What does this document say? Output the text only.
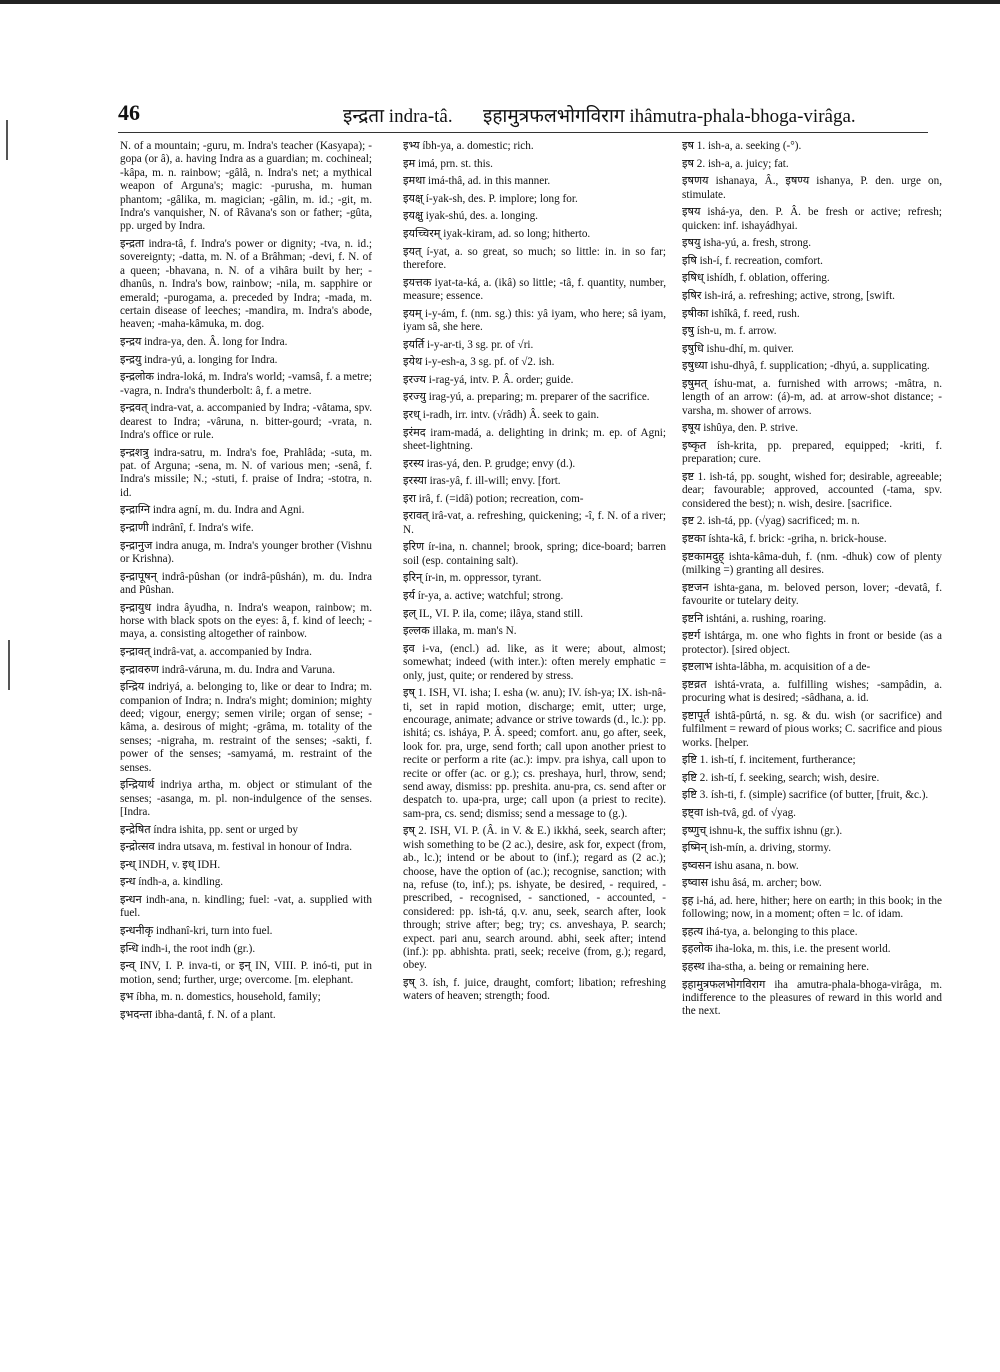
46	इन्द्रता indra-tâ. इहामुत्रफलभोगविराग ihâmutra-phala-bhoga-virâga.

N. of a mountain; -guru, m. Indra's teacher (Kasyapa); -gopa (or â), a. having Indra as a guardian; m. cochineal; -kâpa, m. n. rainbow; -gâlâ, n. Indra's net; a mythical weapon of Arguna's; magic: -purusha, m. human phantom; -gâlika, m. magician; -gâlin, m. id.; -git, m. Indra's vanquisher, N. of Râvana's son or father; -gûta, pp. urged by Indra.

इन्द्रता indra-tâ, f. Indra's power or dignity; -tva, n. id.; sovereignty; -datta, m. N. of a Brâhman; -devi, f. N. of a queen; -bhavana, n. N. of a vihâra built by her; -dhanûs, n. Indra's bow, rainbow; -nila, m. sapphire or emerald; -purogama, a. preceded by Indra; -mada, m. certain disease of leeches; -mandira, m. Indra's abode, heaven; -maha-kâmuka, m. dog.

इन्द्रय indra-ya, den. Â. long for Indra.

इन्द्रयु indra-yú, a. longing for Indra.

इन्द्रलोक indra-loká, m. Indra's world; -vamsâ, f. a metre; -vagra, n. Indra's thunderbolt: â, f. a metre.

इन्द्रवत् indra-vat, a. accompanied by Indra; -vâtama, spv. dearest to Indra; -vâruna, n. bitter-gourd; -vrata, n. Indra's office or rule.

इन्द्रशत्रु indra-satru, m. Indra's foe, Prahlâda; -suta, m. pat. of Arguna; -sena, m. N. of various men; -senâ, f. Indra's missile; N.; -stuti, f. praise of Indra; -stotra, n. id.

इन्द्राग्नि indra agní, m. du. Indra and Agni.

इन्द्राणी indrânî, f. Indra's wife.

इन्द्रानुज indra anuga, m. Indra's younger brother (Vishnu or Krishna).

इन्द्रापूषन् indrâ-pûshan (or indrâ-pûshán), m. du. Indra and Pûshan.

इन्द्रायुध indra âyudha, n. Indra's weapon, rainbow; m. horse with black spots on the eyes: â, f. kind of leech; -maya, a. consisting altogether of rainbow.

इन्द्रावत् indrâ-vat, a. accompanied by Indra.

इन्द्रावरुण indrâ-váruna, m. du. Indra and Varuna.

इन्द्रिय indriyá, a. belonging to, like or dear to Indra; m. companion of Indra; n. Indra's might; dominion; mighty deed; vigour, energy; semen virile; organ of sense; -kâma, a. desirous of might; -grâma, m. totality of the senses; -nigraha, m. restraint of the senses; -sakti, f. power of the senses; -samyamá, m. restraint of the senses.

इन्द्रियार्थ indriya artha, m. object or stimulant of the senses; -asanga, m. pl. non-indulgence of the senses. [Indra.

इन्द्रेषित índra ishita, pp. sent or urged by

इन्द्रोत्सव indra utsava, m. festival in honour of Indra.

इन्ध् INDH, v. इध् IDH.

इन्ध índh-a, a. kindling.

इन्धन indh-ana, n. kindling; fuel: -vat, a. supplied with fuel.

इन्धनीकृ indhanî-kri, turn into fuel.

इन्धि indh-i, the root indh (gr.).

इन्व् INV, I. P. inva-ti, or इन् IN, VIII. P. inó-ti, put in motion, send; further, urge; overcome. [m. elephant.

इभ íbha, m. n. domestics, household, family;

इभदन्ता ibha-dantâ, f. N. of a plant.

इभ्य íbh-ya, a. domestic; rich.

इम imá, prn. st. this.

इमथा imá-thâ, ad. in this manner.

इयक्ष् í-yak-sh, des. P. implore; long for.

इयक्षु iyak-shú, des. a. longing.

इयच्चिरम् iyak-kiram, ad. so long; hitherto.

इयत् í-yat, a. so great, so much; so little: in. in so far; therefore.

इयत्तक iyat-ta-ká, a. (ikâ) so little; -tâ, f. quantity, number, measure; essence.

इयम् i-y-ám, f. (nm. sg.) this: yâ iyam, who here; sâ iyam, iyam sâ, she here.

इयर्ति i-y-ar-ti, 3 sg. pr. of √ri.

इयेथ i-y-esh-a, 3 sg. pf. of √2. ish.

इरज्य i-rag-yá, intv. P. Â. order; guide.

इरज्यु irag-yú, a. preparing; m. preparer of the sacrifice.

इरध् i-radh, irr. intv. (√râdh) Â. seek to gain.

इरंमद iram-madá, a. delighting in drink; m. ep. of Agni; sheet-lightning.

इरस्य iras-yá, den. P. grudge; envy (d.).

इरस्या iras-yâ, f. ill-will; envy. [fort.

इरा irâ, f. (=idâ) potion; recreation, com-

इरावत् irâ-vat, a. refreshing, quickening; -î, f. N. of a river; N.

इरिण ír-ina, n. channel; brook, spring; dice-board; barren soil (esp. containing salt).

इरिन् ír-in, m. oppressor, tyrant.

इर्य ír-ya, a. active; watchful; strong.

इल् IL, VI. P. ila, come; ilâya, stand still.

इल्लक illaka, m. man's N.

इव i-va, (encl.) ad. like, as it were; about, almost; somewhat; indeed (with inter.): often merely emphatic = only, just, quite; or rendered by stress.

इष् 1. ISH, VI. isha; I. esha (w. anu); IV. ísh-ya; IX. ish-nâ-ti, set in rapid motion, discharge; emit, utter; urge, encourage, animate; advance or strive towards (d., lc.): pp. ishitá; cs. isháya, P. Â. speed; comfort. anu, go after, seek, look for. pra, urge, send forth; call upon another priest to recite or perform a rite (ac.): impv. pra ishya, call upon to recite or offer (ac. or g.); cs. preshaya, hurl, throw, send; send away, dismiss: pp. preshita. anu-pra, cs. send after or despatch to. upa-pra, urge; call upon (a priest to recite). sam-pra, cs. send; dismiss; send a message to (g.).

इष् 2. ISH, VI. P. (Â. in V. & E.) ikkhá, seek, search after; wish something to be (2 ac.), desire, ask for, expect (from, ab., lc.); intend or be about to (inf.); regard as (2 ac.); choose, have the option of (ac.); recognise, sanction; with na, refuse (to, inf.); ps. ishyate, be desired, - required, - prescribed, - recognised, - sanctioned, - accounted, - considered: pp. ish-tá, q.v. anu, seek, search after, look through; strive after; beg; try; cs. anveshaya, P. search; expect. pari anu, search around. abhi, seek after; intend (inf.): pp. abhishta. prati, seek; receive (from, g.); regard, obey.

इष् 3. ísh, f. juice, draught, comfort; libation; refreshing waters of heaven; strength; food.

इष 1. ish-a, a. seeking (-°).

इष 2. ish-a, a. juicy; fat.

इषणय ishanaya, Â., इषण्य ishanya, P. den. urge on, stimulate.

इषय ishá-ya, den. P. Â. be fresh or active; refresh; quicken: inf. ishayádhyai.

इषयु isha-yú, a. fresh, strong.

इषि ish-í, f. recreation, comfort.

इषिध् ishídh, f. oblation, offering.

इषिर ish-irá, a. refreshing; active, strong, [swift.

इषीका ishîkâ, f. reed, rush.

इषु ísh-u, m. f. arrow.

इषुधि ishu-dhí, m. quiver.

इषुध्या ishu-dhyâ, f. supplication; -dhyú, a. supplicating.

इषुमत् íshu-mat, a. furnished with arrows; -mâtra, n. length of an arrow: (á)-m, ad. at arrow-shot distance; -varsha, m. shower of arrows.

इषूय ishûya, den. P. strive.

इष्कृत ísh-krita, pp. prepared, equipped; -kriti, f. preparation; cure.

इष्ट 1. ish-tá, pp. sought, wished for; desirable, agreeable; dear; favourable; approved, accounted (-tama, spv. considered the best); n. wish, desire. [sacrifice.

इष्ट 2. ish-tá, pp. (√yag) sacrificed; m. n.

इष्टका íshta-kâ, f. brick: -griha, n. brick-house.

इष्टकामदुह् ishta-kâma-duh, f. (nm. -dhuk) cow of plenty (milking =) granting all desires.

इष्टजन ishta-gana, m. beloved person, lover; -devatâ, f. favourite or tutelary deity.

इष्टनि ishtáni, a. rushing, roaring.

इष्टर्ग ishtárga, m. one who fights in front or beside (as a protector). [sired object.

इष्टलाभ ishta-lâbha, m. acquisition of a de-

इष्टव्रत ishtá-vrata, a. fulfilling wishes; -sampâdin, a. procuring what is desired; -sâdhana, a. id.

इष्टापूर्त ishtâ-pûrtá, n. sg. & du. wish (or sacrifice) and fulfilment = reward of pious works; C. sacrifice and pious works. [helper.

इष्टि 1. ish-tí, f. incitement, furtherance;

इष्टि 2. ish-tí, f. seeking, search; wish, desire.

इष्टि 3. ísh-ti, f. (simple) sacrifice (of butter, [fruit, &c.).

इष्ट्वा ish-tvâ, gd. of √yag.

इष्णुच् ishnu-k, the suffix ishnu (gr.).

इष्मिन् ish-mín, a. driving, stormy.

इष्वसन ishu asana, n. bow.

इष्वास ishu âsá, m. archer; bow.

इह i-há, ad. here, hither; here on earth; in this book; in the following; now, in a moment; often = lc. of idam.

इहत्य ihá-tya, a. belonging to this place.

इहलोक iha-loka, m. this, i.e. the present world.

इहस्थ iha-stha, a. being or remaining here.

इहामुत्रफलभोगविराग iha amutra-phala-bhoga-virâga, m. indifference to the pleasures of reward in this world and the next.
